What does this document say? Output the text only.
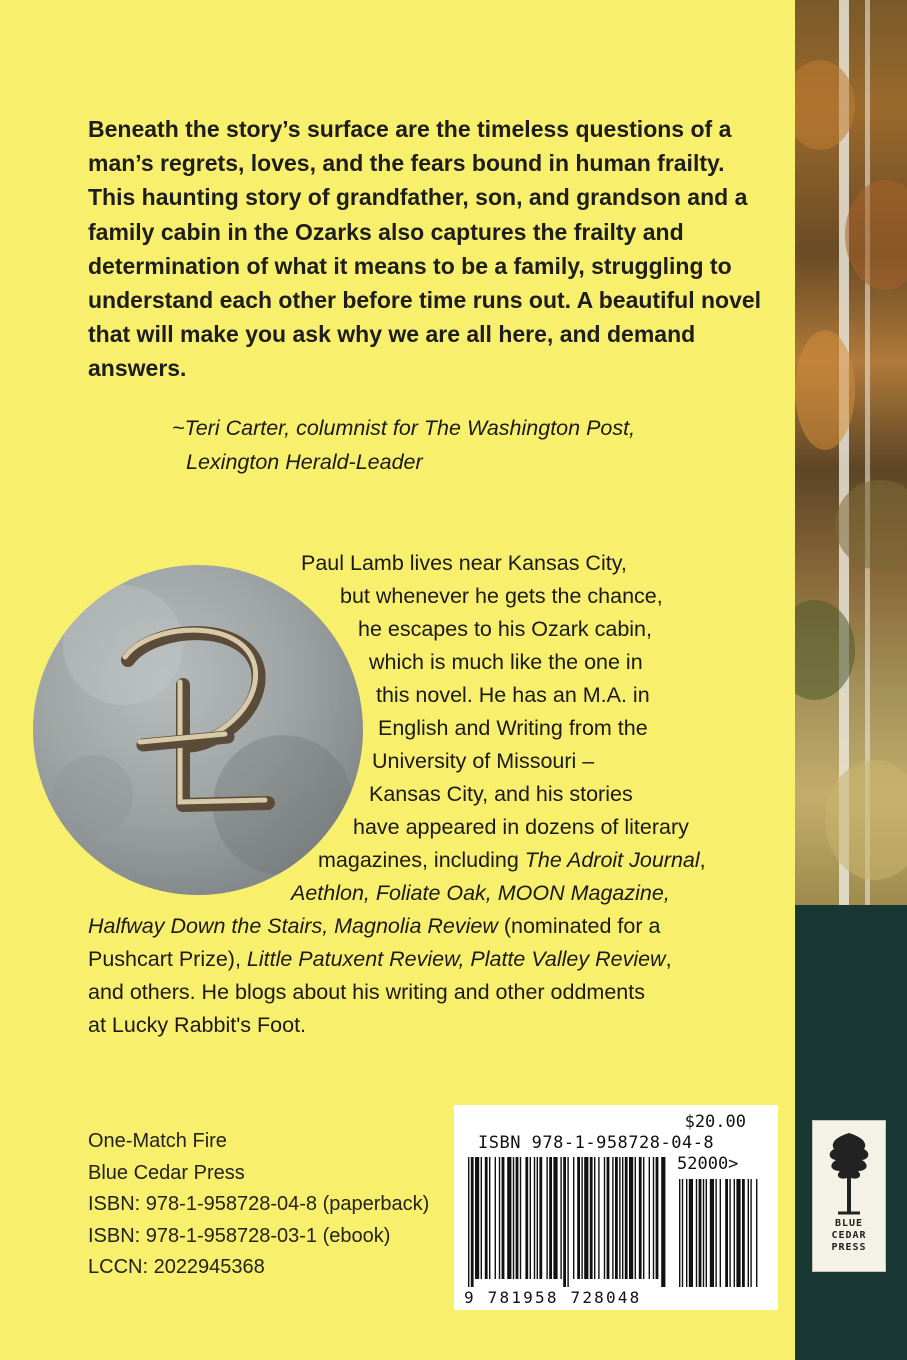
BLUE
CEDAR
PRESS

Beneath the story’s surface are the timeless questions of a man’s regrets, loves, and the fears bound in human frailty. This haunting story of grandfather, son, and grandson and a family cabin in the Ozarks also captures the frailty and determination of what it means to be a family, struggling to understand each other before time runs out. A beautiful novel that will make you ask why we are all here, and demand answers.

~Teri Carter, columnist for The Washington Post,
Lexington Herald-Leader
Paul Lamb lives near Kansas City,
but whenever he gets the chance,
he escapes to his Ozark cabin,
which is much like the one in
this novel. He has an M.A. in
English and Writing from the
University of Missouri –
Kansas City, and his stories
have appeared in dozens of literary
magazines, including The Adroit Journal,
Aethlon, Foliate Oak, MOON Magazine,
Halfway Down the Stairs, Magnolia Review (nominated for a
Pushcart Prize), Little Patuxent Review, Platte Valley Review,
and others. He blogs about his writing and other oddments
at Lucky Rabbit's Foot.
One-Match Fire
Blue Cedar Press
ISBN: 978-1-958728-04-8 (paperback)
ISBN: 978-1-958728-03-1 (ebook)
LCCN: 2022945368
$20.00
ISBN 978-1-958728-04-8
52000>
9 781958 728048
